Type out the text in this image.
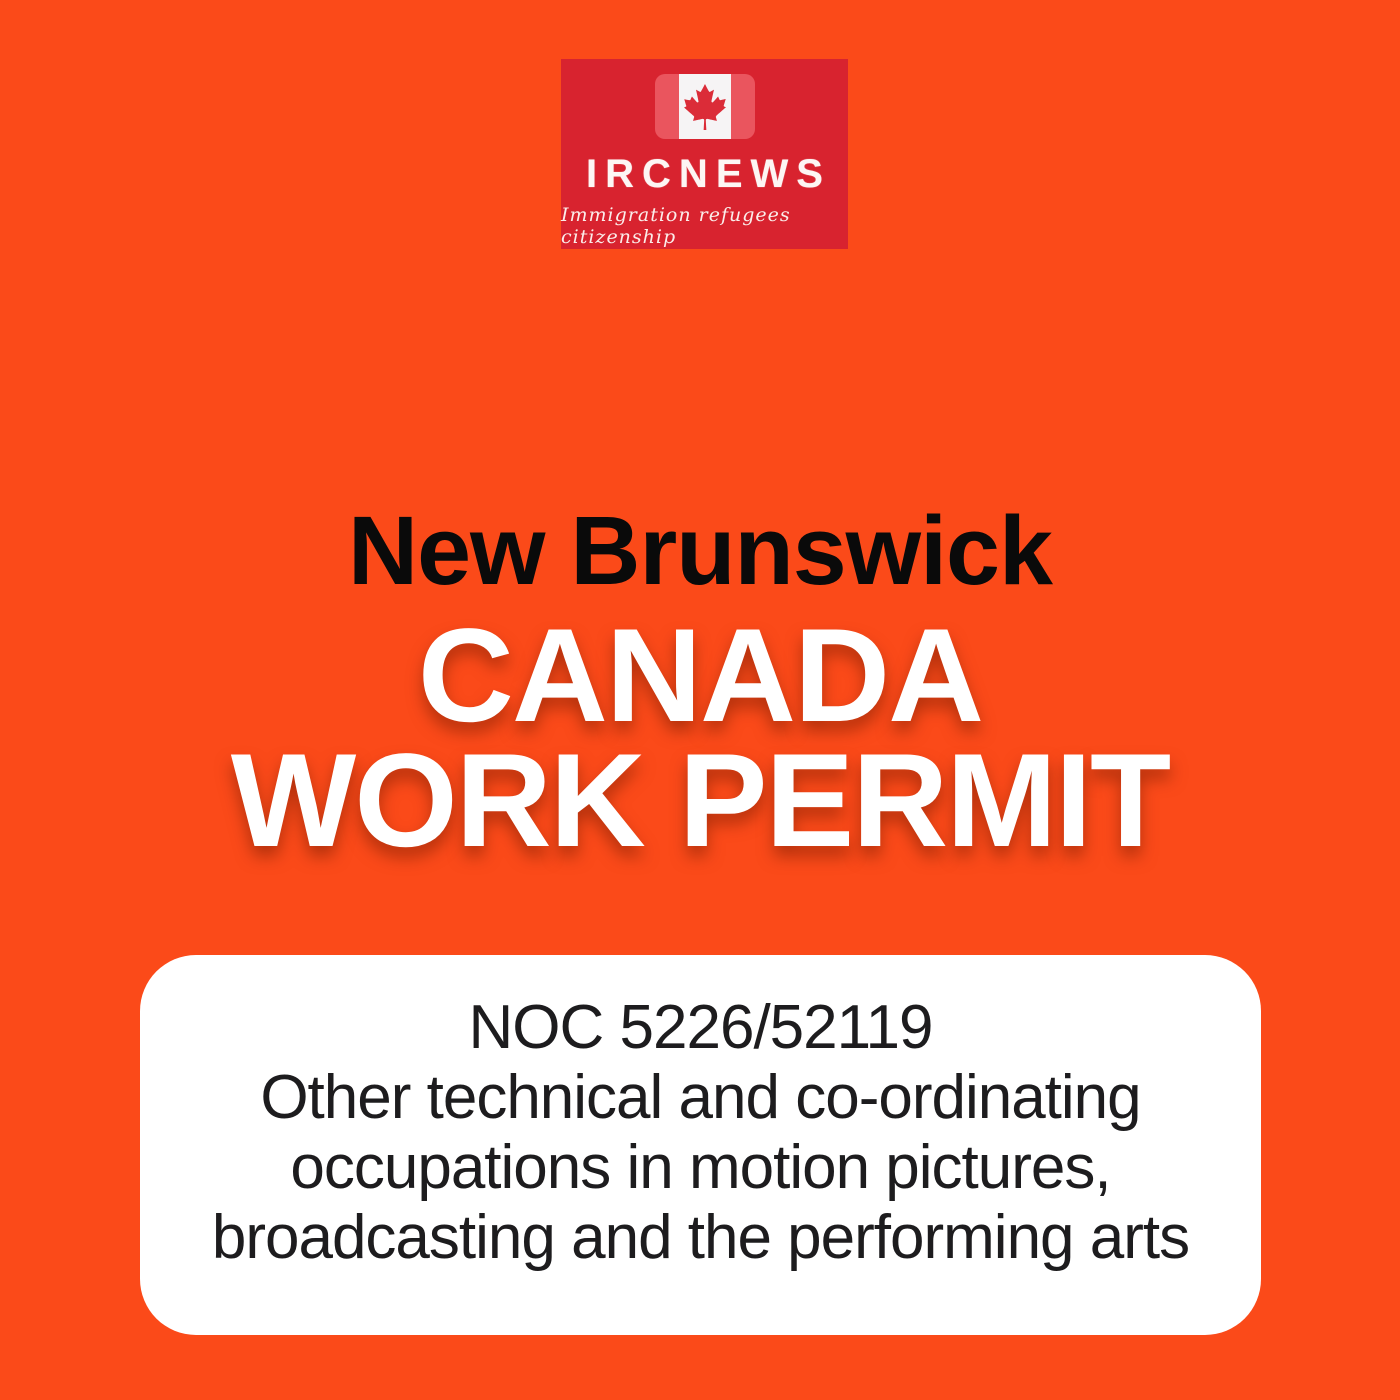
IRCNEWS
Immigration refugees citizenship
New Brunswick
CANADA
WORK PERMIT
NOC 5226/52119
Other technical and co-ordinating
occupations in motion pictures,
broadcasting and the performing arts
